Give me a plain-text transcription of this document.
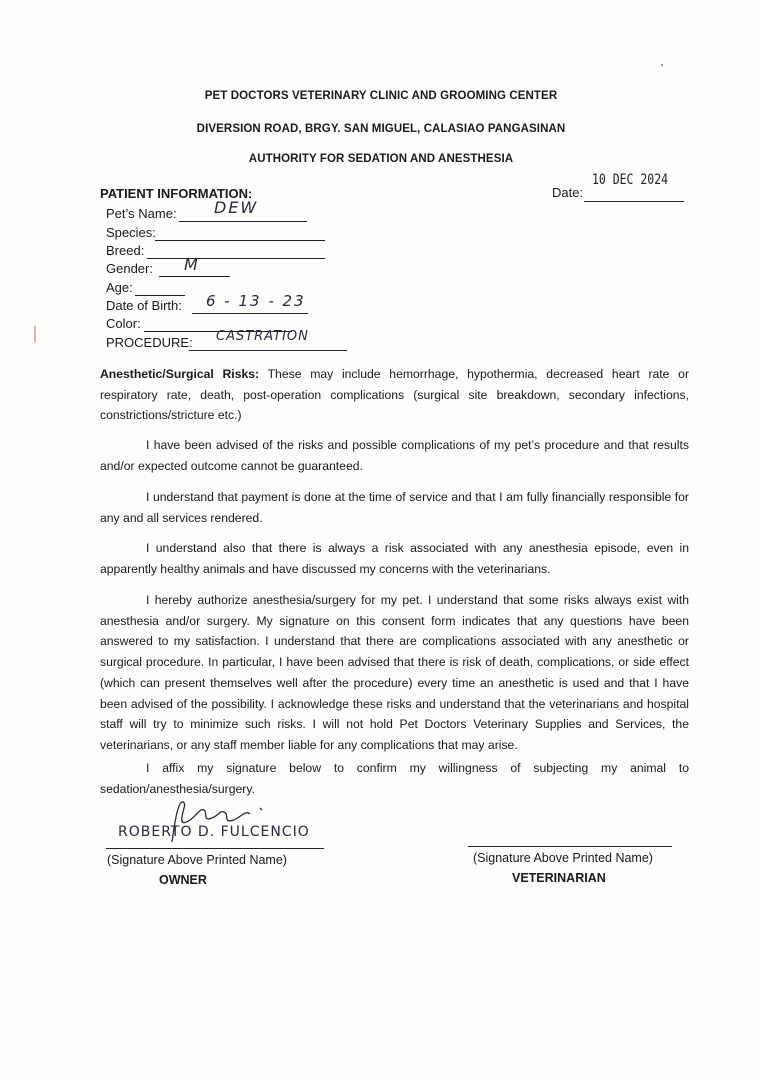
PET DOCTORS VETERINARY CLINIC AND GROOMING CENTER
DIVERSION ROAD, BRGY. SAN MIGUEL, CALASIAO PANGASINAN
AUTHORITY FOR SEDATION AND ANESTHESIA
10 DEC 2024
Date:
PATIENT INFORMATION:
Pet’s Name: DEW
Species:
Breed:
Gender: M
Age:
Date of Birth: 6 - 13 - 23
Color:
PROCEDURE: CASTRATION
Anesthetic/Surgical Risks: These may include hemorrhage, hypothermia, decreased heart rate or respiratory rate, death, post-operation complications (surgical site breakdown, secondary infections, constrictions/stricture etc.)
I have been advised of the risks and possible complications of my pet’s procedure and that results and/or expected outcome cannot be guaranteed.
I understand that payment is done at the time of service and that I am fully financially responsible for any and all services rendered.
I understand also that there is always a risk associated with any anesthesia episode, even in apparently healthy animals and have discussed my concerns with the veterinarians.
I hereby authorize anesthesia/surgery for my pet. I understand that some risks always exist with anesthesia and/or surgery. My signature on this consent form indicates that any questions have been answered to my satisfaction. I understand that there are complications associated with any anesthetic or surgical procedure. In particular, I have been advised that there is risk of death, complications, or side effect (which can present themselves well after the procedure) every time an anesthetic is used and that I have been advised of the possibility. I acknowledge these risks and understand that the veterinarians and hospital staff will try to minimize such risks. I will not hold Pet Doctors Veterinary Supplies and Services, the veterinarians, or any staff member liable for any complications that may arise.
I affix my signature below to confirm my willingness of subjecting my animal to sedation/anesthesia/surgery.
ROBERTO D. FULCENCIO
(Signature Above Printed Name)
OWNER
(Signature Above Printed Name)
VETERINARIAN
